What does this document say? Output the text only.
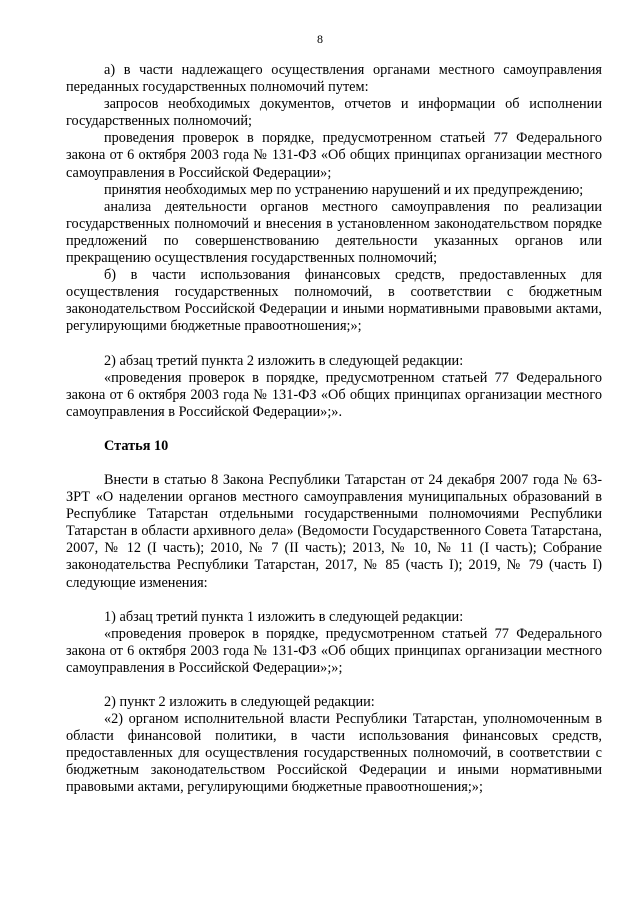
8

а) в части надлежащего осуществления органами местного самоуправления переданных государственных полномочий путем:

запросов необходимых документов, отчетов и информации об исполнении государственных полномочий;

проведения проверок в порядке, предусмотренном статьей 77 Федерального закона от 6 октября 2003 года № 131-ФЗ «Об общих принципах организации местного самоуправления в Российской Федерации»;

принятия необходимых мер по устранению нарушений и их предупреждению;

анализа деятельности органов местного самоуправления по реализации государственных полномочий и внесения в установленном законодательством порядке предложений по совершенствованию деятельности указанных органов или прекращению осуществления государственных полномочий;

б) в части использования финансовых средств, предоставленных для осуществления государственных полномочий, в соответствии с бюджетным законодательством Российской Федерации и иными нормативными правовыми актами, регулирующими бюджетные правоотношения;»;

2) абзац третий пункта 2 изложить в следующей редакции:

«проведения проверок в порядке, предусмотренном статьей 77 Федерального закона от 6 октября 2003 года № 131-ФЗ «Об общих принципах организации местного самоуправления в Российской Федерации»;».

Статья 10

Внести в статью 8 Закона Республики Татарстан от 24 декабря 2007 года № 63-ЗРТ «О наделении органов местного самоуправления муниципальных образований в Республике Татарстан отдельными государственными полномочиями Республики Татарстан в области архивного дела» (Ведомости Государственного Совета Татарстана, 2007, № 12 (I часть); 2010, № 7 (II часть); 2013, № 10, № 11 (I часть); Собрание законодательства Республики Татарстан, 2017, № 85 (часть I); 2019, № 79 (часть I) следующие изменения:

1) абзац третий пункта 1 изложить в следующей редакции:

«проведения проверок в порядке, предусмотренном статьей 77 Федерального закона от 6 октября 2003 года № 131-ФЗ «Об общих принципах организации местного самоуправления в Российской Федерации»;»;

2) пункт 2 изложить в следующей редакции:

«2) органом исполнительной власти Республики Татарстан, уполномоченным в области финансовой политики, в части использования финансовых средств, предоставленных для осуществления государственных полномочий, в соответствии с бюджетным законодательством Российской Федерации и иными нормативными правовыми актами, регулирующими бюджетные правоотношения;»;
